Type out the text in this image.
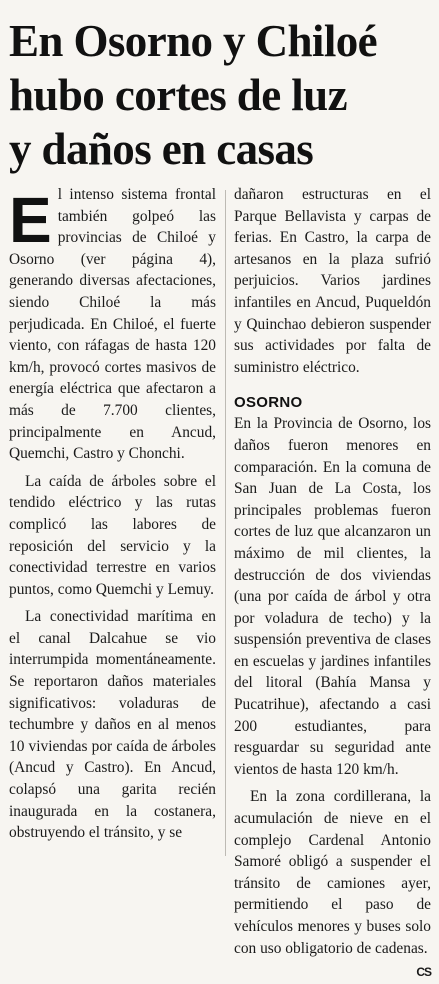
En Osorno y Chiloé
hubo cortes de luz
y daños en casas

El intenso sistema frontal también golpeó las provincias de Chiloé y Osorno (ver página 4), generando diversas afectaciones, siendo Chiloé la más perjudicada. En Chiloé, el fuerte viento, con ráfagas de hasta 120 km/h, provocó cortes masivos de energía eléctrica que afectaron a más de 7.700 clientes, principalmente en Ancud, Quemchi, Castro y Chonchi.

La caída de árboles sobre el tendido eléctrico y las rutas complicó las labores de reposición del servicio y la conectividad terrestre en varios puntos, como Quemchi y Lemuy.

La conectividad marítima en el canal Dalcahue se vio interrumpida momentáneamente. Se reportaron daños materiales significativos: voladuras de techumbre y daños en al menos 10 viviendas por caída de árboles (Ancud y Castro). En Ancud, colapsó una garita recién inaugurada en la costanera, obstruyendo el tránsito, y se

dañaron estructuras en el Parque Bellavista y carpas de ferias. En Castro, la carpa de artesanos en la plaza sufrió perjuicios. Varios jardines infantiles en Ancud, Puqueldón y Quinchao debieron suspender sus actividades por falta de suministro eléctrico.

OSORNO

En la Provincia de Osorno, los daños fueron menores en comparación. En la comuna de San Juan de La Costa, los principales problemas fueron cortes de luz que alcanzaron un máximo de mil clientes, la destrucción de dos viviendas (una por caída de árbol y otra por voladura de techo) y la suspensión preventiva de clases en escuelas y jardines infantiles del litoral (Bahía Mansa y Pucatrihue), afectando a casi 200 estudiantes, para resguardar su seguridad ante vientos de hasta 120 km/h.

En la zona cordillerana, la acumulación de nieve en el complejo Cardenal Antonio Samoré obligó a suspender el tránsito de camiones ayer, permitiendo el paso de vehículos menores y buses solo con uso obligatorio de cadenas.
CS
